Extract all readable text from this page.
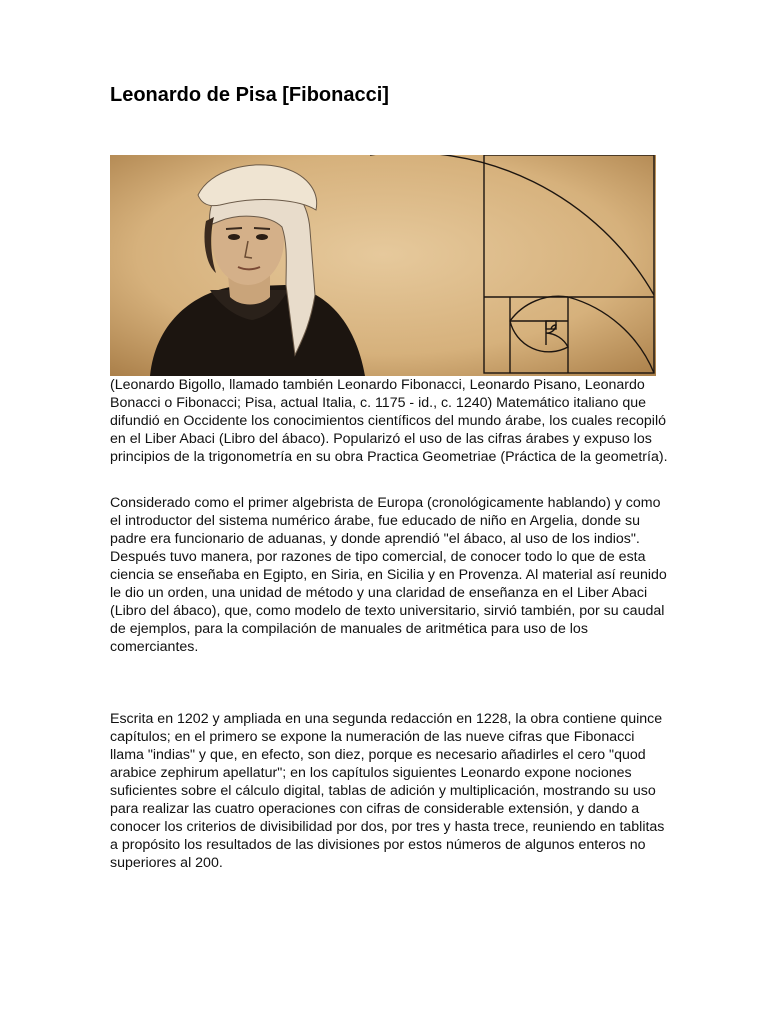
Leonardo de Pisa [Fibonacci]

(Leonardo Bigollo, llamado también Leonardo Fibonacci, Leonardo Pisano, Leonardo Bonacci o Fibonacci; Pisa, actual Italia, c. 1175 - id., c. 1240) Matemático italiano que difundió en Occidente los conocimientos científicos del mundo árabe, los cuales recopiló en el Liber Abaci (Libro del ábaco). Popularizó el uso de las cifras árabes y expuso los principios de la trigonometría en su obra Practica Geometriae (Práctica de la geometría).

Considerado como el primer algebrista de Europa (cronológicamente hablando) y como el introductor del sistema numérico árabe, fue educado de niño en Argelia, donde su padre era funcionario de aduanas, y donde aprendió "el ábaco, al uso de los indios". Después tuvo manera, por razones de tipo comercial, de conocer todo lo que de esta ciencia se enseñaba en Egipto, en Siria, en Sicilia y en Provenza. Al material así reunido le dio un orden, una unidad de método y una claridad de enseñanza en el Liber Abaci (Libro del ábaco), que, como modelo de texto universitario, sirvió también, por su caudal de ejemplos, para la compilación de manuales de aritmética para uso de los comerciantes.

Escrita en 1202 y ampliada en una segunda redacción en 1228, la obra contiene quince capítulos; en el primero se expone la numeración de las nueve cifras que Fibonacci llama "indias" y que, en efecto, son diez, porque es necesario añadirles el cero "quod arabice zephirum apellatur"; en los capítulos siguientes Leonardo expone nociones suficientes sobre el cálculo digital, tablas de adición y multiplicación, mostrando su uso para realizar las cuatro operaciones con cifras de considerable extensión, y dando a conocer los criterios de divisibilidad por dos, por tres y hasta trece, reuniendo en tablitas a propósito los resultados de las divisiones por estos números de algunos enteros no superiores al 200.
